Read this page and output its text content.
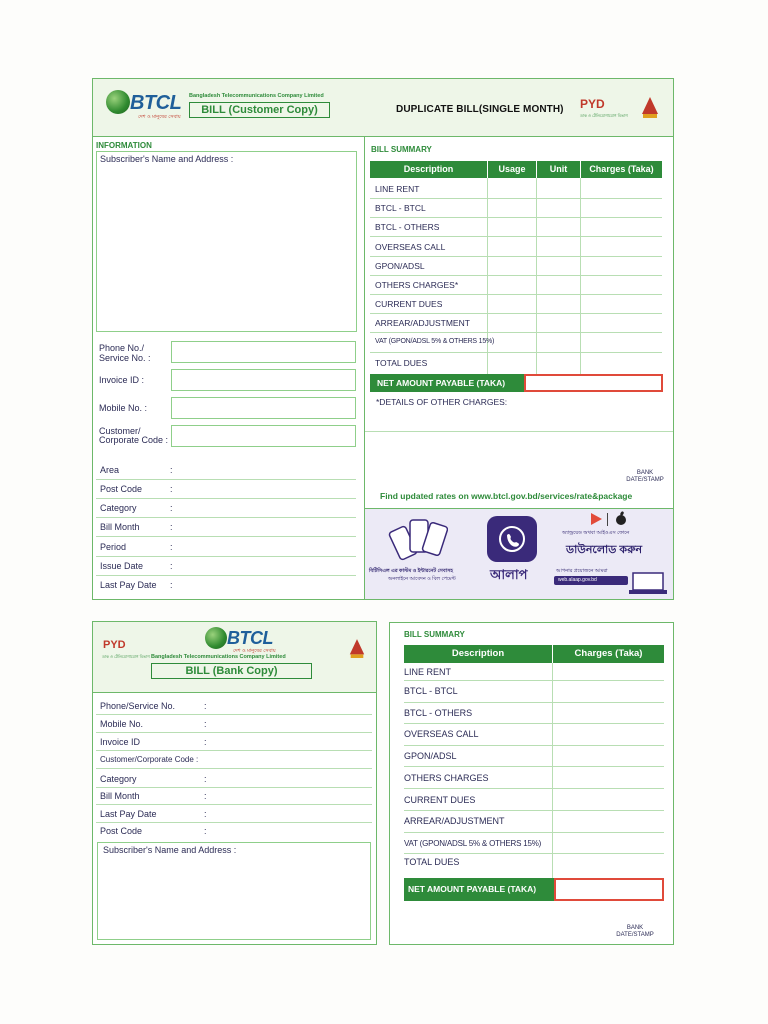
BTCL
দেশ ও মানুষের সেবায়
Bangladesh Telecommunications Company Limited
BILL (Customer Copy)	DUPLICATE BILL(SINGLE MONTH) PYD
ডাক ও টেলিযোগাযোগ বিভাগ
INFORMATION
Subscriber's Name and Address :
Phone No./
Service No. :
Invoice ID :
Mobile No. :
Customer/
Corporate Code :
Area	:
Post Code	:
Category	:
Bill Month	:
Period	:
Issue Date	:
Last Pay Date :
BILL SUMMARY
Description	Usage	Unit	Charges (Taka)
LINE RENT
BTCL - BTCL
BTCL - OTHERS
OVERSEAS CALL
GPON/ADSL
OTHERS CHARGES*
CURRENT DUES
ARREAR/ADJUSTMENT
VAT (GPON/ADSL 5% & OTHERS 15%)
TOTAL DUES
NET AMOUNT PAYABLE (TAKA)
*DETAILS OF OTHER CHARGES:
BANK
DATE/STAMP
Find updated rates on www.btcl.gov.bd/services/rate&package
বিটিসিএল এর কাস্টম ও ইন্টারনেট সেবাসহ
অনলাইনে আবেদন ও বিল পেমেন্ট	আলাপ
অ্যান্ড্রয়েড অথবা আইওএস ফোনে
ডাউনলোড করুন
আপনার প্রয়োজনে আমরা
web.alaap.gov.bd
PYD
ডাক ও টেলিযোগাযোগ বিভাগ
BTCL
দেশ ও মানুষের সেবায়
Bangladesh Telecommunications Company Limited
BILL (Bank Copy)
Phone/Service No.	:
Mobile No.	:
Invoice ID	:
Customer/Corporate Code :
Category	:
Bill Month	:
Last Pay Date	:
Post Code	:
Subscriber's Name and Address :
BILL SUMMARY
Description	Charges (Taka)
LINE RENT
BTCL - BTCL
BTCL - OTHERS
OVERSEAS CALL
GPON/ADSL
OTHERS CHARGES
CURRENT DUES
ARREAR/ADJUSTMENT
VAT (GPON/ADSL 5% & OTHERS 15%)
TOTAL DUES
NET AMOUNT PAYABLE (TAKA)
BANK
DATE/STAMP
